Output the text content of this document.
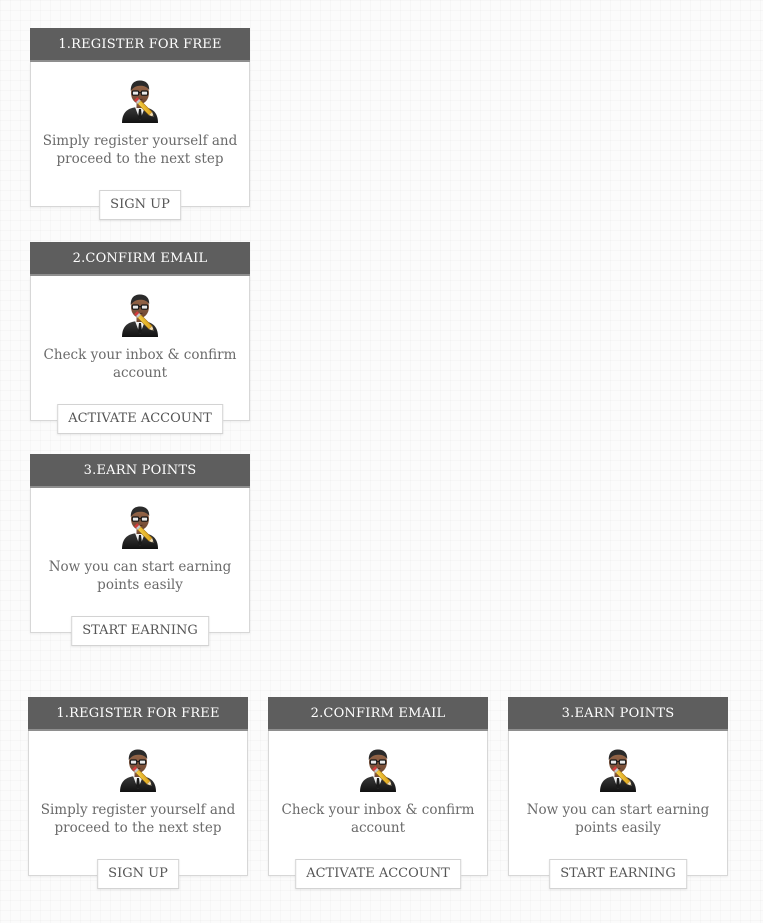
1.REGISTER FOR FREE
Simply register yourself and proceed to the next step
SIGN UP
2.CONFIRM EMAIL
Check your inbox & confirm account
ACTIVATE ACCOUNT
3.EARN POINTS
Now you can start earning points easily
START EARNING
1.REGISTER FOR FREE
Simply register yourself and proceed to the next step
SIGN UP
2.CONFIRM EMAIL
Check your inbox & confirm account
ACTIVATE ACCOUNT
3.EARN POINTS
Now you can start earning points easily
START EARNING
